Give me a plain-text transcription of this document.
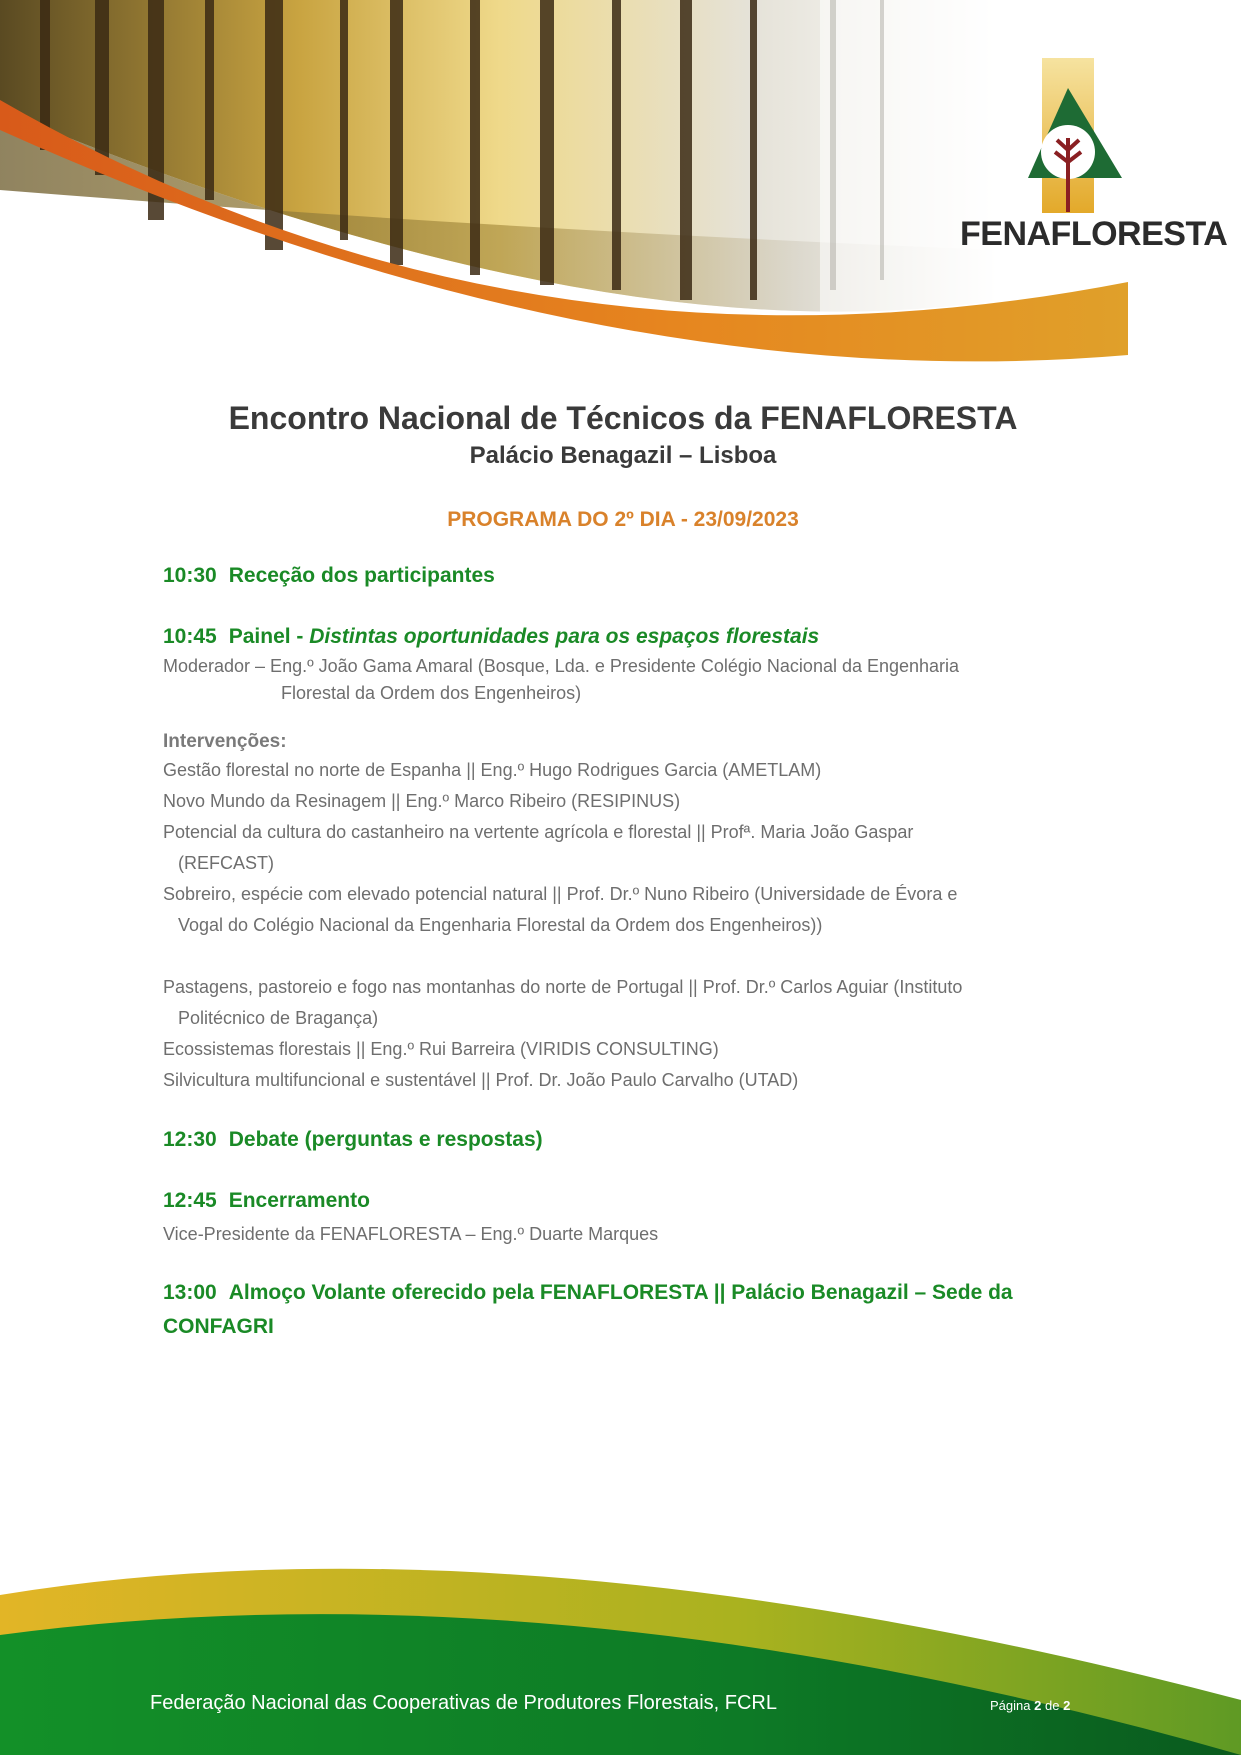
FENAFLORESTA
Encontro Nacional de Técnicos da FENAFLORESTA
Palácio Benagazil – Lisboa
PROGRAMA DO 2º DIA - 23/09/2023
10:30 Receção dos participantes
10:45 Painel - Distintas oportunidades para os espaços florestais
Moderador – Eng.º João Gama Amaral (Bosque, Lda. e Presidente Colégio Nacional da Engenharia
Florestal da Ordem dos Engenheiros)
Intervenções:
Gestão florestal no norte de Espanha || Eng.º Hugo Rodrigues Garcia (AMETLAM)
Novo Mundo da Resinagem || Eng.º Marco Ribeiro (RESIPINUS)
Potencial da cultura do castanheiro na vertente agrícola e florestal || Profª. Maria João Gaspar
(REFCAST)
Sobreiro, espécie com elevado potencial natural || Prof. Dr.º Nuno Ribeiro (Universidade de Évora e
Vogal do Colégio Nacional da Engenharia Florestal da Ordem dos Engenheiros))
Pastagens, pastoreio e fogo nas montanhas do norte de Portugal || Prof. Dr.º Carlos Aguiar (Instituto
Politécnico de Bragança)
Ecossistemas florestais || Eng.º Rui Barreira (VIRIDIS CONSULTING)
Silvicultura multifuncional e sustentável || Prof. Dr. João Paulo Carvalho (UTAD)
12:30 Debate (perguntas e respostas)
12:45 Encerramento
Vice-Presidente da FENAFLORESTA – Eng.º Duarte Marques
13:00 Almoço Volante oferecido pela FENAFLORESTA || Palácio Benagazil – Sede da
CONFAGRI
Federação Nacional das Cooperativas de Produtores Florestais, FCRL	Página 2 de 2
